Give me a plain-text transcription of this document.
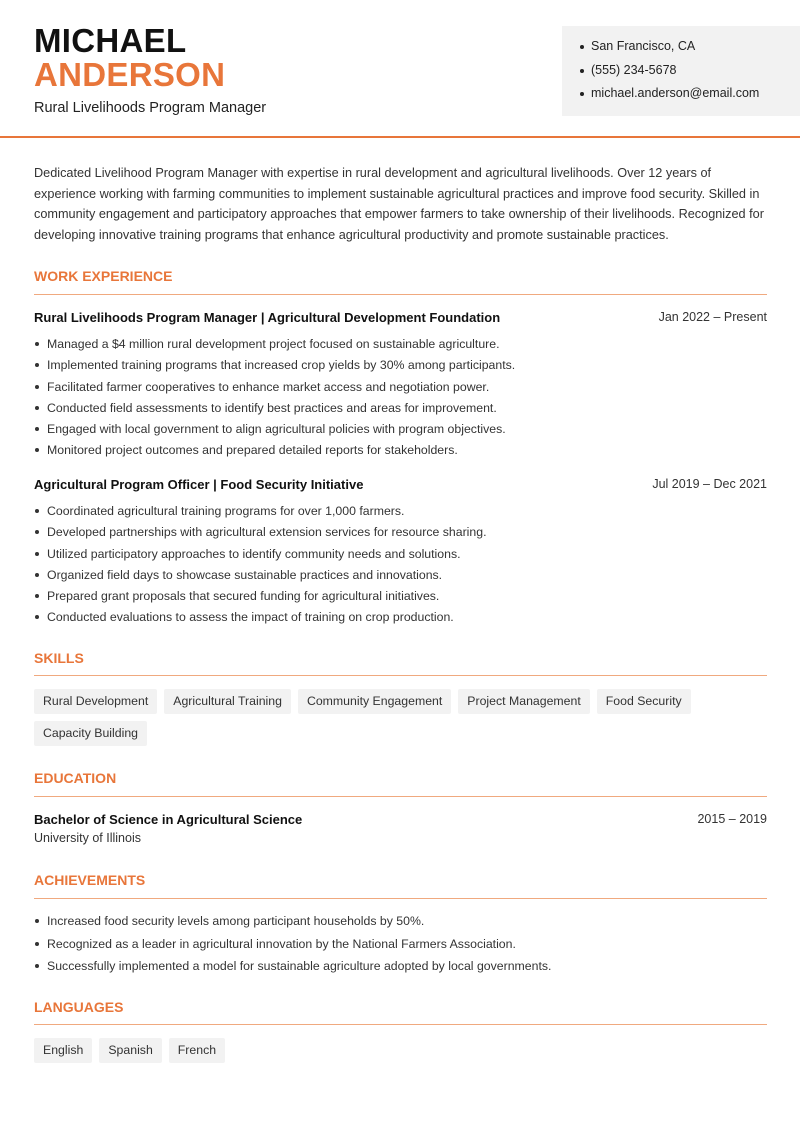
MICHAEL
ANDERSON
Rural Livelihoods Program Manager
San Francisco, CA
(555) 234-5678
michael.anderson@email.com

Dedicated Livelihood Program Manager with expertise in rural development and agricultural livelihoods. Over 12 years of experience working with farming communities to implement sustainable agricultural practices and improve food security. Skilled in community engagement and participatory approaches that empower farmers to take ownership of their livelihoods. Recognized for developing innovative training programs that enhance agricultural productivity and promote sustainable practices.

WORK EXPERIENCE
Rural Livelihoods Program Manager | Agricultural Development Foundation	Jan 2022 – Present
Managed a $4 million rural development project focused on sustainable agriculture.
Implemented training programs that increased crop yields by 30% among participants.
Facilitated farmer cooperatives to enhance market access and negotiation power.
Conducted field assessments to identify best practices and areas for improvement.
Engaged with local government to align agricultural policies with program objectives.
Monitored project outcomes and prepared detailed reports for stakeholders.
Agricultural Program Officer | Food Security Initiative	Jul 2019 – Dec 2021
Coordinated agricultural training programs for over 1,000 farmers.
Developed partnerships with agricultural extension services for resource sharing.
Utilized participatory approaches to identify community needs and solutions.
Organized field days to showcase sustainable practices and innovations.
Prepared grant proposals that secured funding for agricultural initiatives.
Conducted evaluations to assess the impact of training on crop production.
SKILLS
Rural Development	Agricultural Training	Community Engagement	Project Management	Food Security
Capacity Building
EDUCATION
Bachelor of Science in Agricultural Science	2015 – 2019
University of Illinois
ACHIEVEMENTS
Increased food security levels among participant households by 50%.
Recognized as a leader in agricultural innovation by the National Farmers Association.
Successfully implemented a model for sustainable agriculture adopted by local governments.
LANGUAGES
English	Spanish	French
